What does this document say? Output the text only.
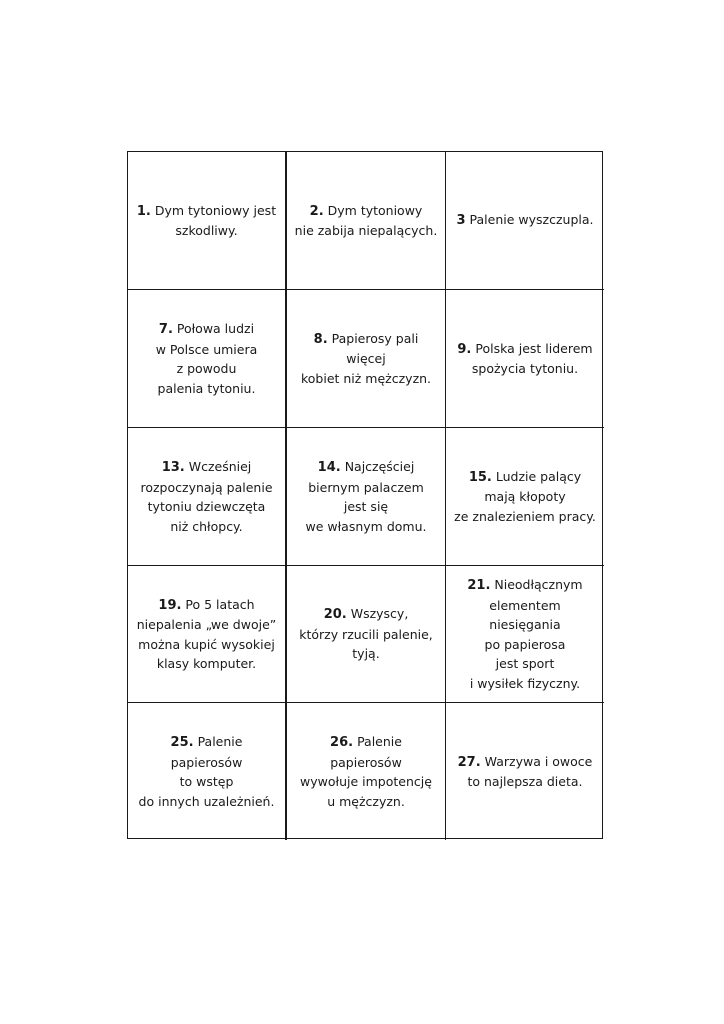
1. Dym tytoniowy jest
szkodliwy.
2. Dym tytoniowy
nie zabija niepalących.
3 Palenie wyszczupla.
7. Połowa ludzi
w Polsce umiera
z powodu
palenia tytoniu.
8. Papierosy pali więcej
kobiet niż mężczyzn.
9. Polska jest liderem
spożycia tytoniu.
13. Wcześniej
rozpoczynają palenie
tytoniu dziewczęta
niż chłopcy.
14. Najczęściej
biernym palaczem
jest się
we własnym domu.
15. Ludzie palący
mają kłopoty
ze znalezieniem pracy.
19. Po 5 latach
niepalenia „we dwoje”
można kupić wysokiej
klasy komputer.
20. Wszyscy,
którzy rzucili palenie,
tyją.
21. Nieodłącznym
elementem niesięgania
po papierosa
jest sport
i wysiłek fizyczny.
25. Palenie papierosów
to wstęp
do innych uzależnień.
26. Palenie papierosów
wywołuje impotencję
u mężczyzn.
27. Warzywa i owoce
to najlepsza dieta.
